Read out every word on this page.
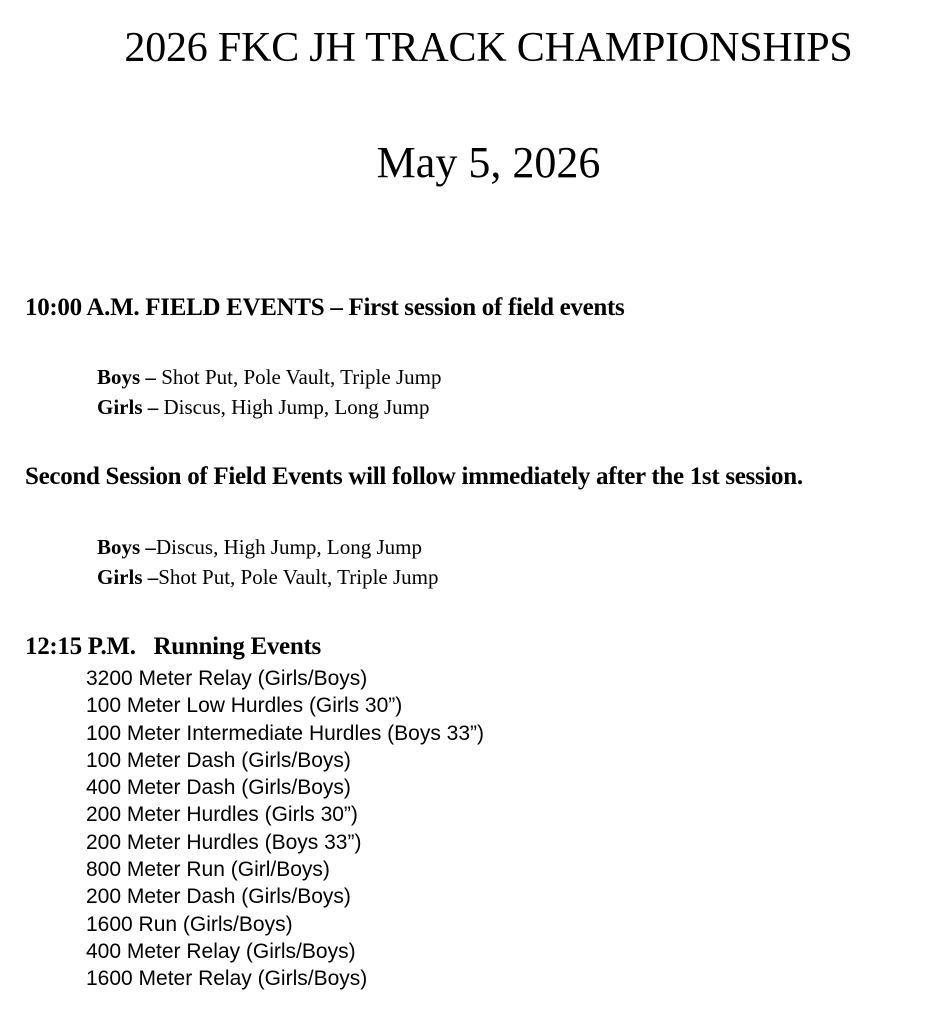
2026 FKC JH TRACK CHAMPIONSHIPS
May 5, 2026
10:00 A.M. FIELD EVENTS – First session of field events
Boys – Shot Put, Pole Vault, Triple Jump
Girls – Discus, High Jump, Long Jump
Second Session of Field Events will follow immediately after the 1st session.
Boys –Discus, High Jump, Long Jump
Girls –Shot Put, Pole Vault, Triple Jump
12:15 P.M.   Running Events
3200 Meter Relay (Girls/Boys)
100 Meter Low Hurdles (Girls 30”)
100 Meter Intermediate Hurdles (Boys 33”)
100 Meter Dash (Girls/Boys)
400 Meter Dash (Girls/Boys)
200 Meter Hurdles (Girls 30”)
200 Meter Hurdles (Boys 33”)
800 Meter Run (Girl/Boys)
200 Meter Dash (Girls/Boys)
1600 Run (Girls/Boys)
400 Meter Relay (Girls/Boys)
1600 Meter Relay (Girls/Boys)
